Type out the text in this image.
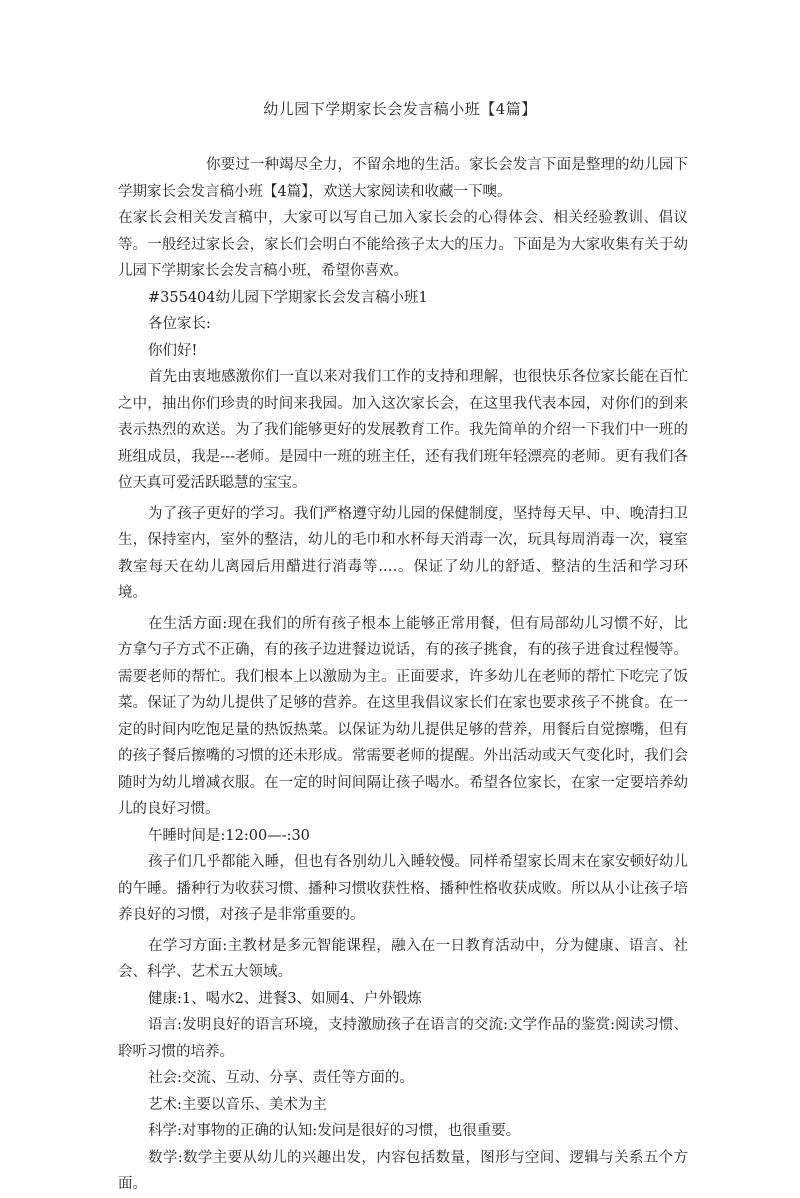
幼儿园下学期家长会发言稿小班【4篇】

你要过一种竭尽全力，不留余地的生活。家长会发言下面是整理的幼儿园下学期家长会发言稿小班【4篇】，欢送大家阅读和收藏一下噢。

在家长会相关发言稿中，大家可以写自己加入家长会的心得体会、相关经验教训、倡议等。一般经过家长会，家长们会明白不能给孩子太大的压力。下面是为大家收集有关于幼儿园下学期家长会发言稿小班，希望你喜欢。

#355404幼儿园下学期家长会发言稿小班1

各位家长:

你们好!

首先由衷地感激你们一直以来对我们工作的支持和理解，也很快乐各位家长能在百忙之中，抽出你们珍贵的时间来我园。加入这次家长会，在这里我代表本园，对你们的到来表示热烈的欢送。为了我们能够更好的发展教育工作。我先简单的介绍一下我们中一班的班组成员，我是---老师。是园中一班的班主任，还有我们班年轻漂亮的老师。更有我们各位天真可爱活跃聪慧的宝宝。

为了孩子更好的学习。我们严格遵守幼儿园的保健制度，坚持每天早、中、晚清扫卫生，保持室内，室外的整洁，幼儿的毛巾和水杯每天消毒一次，玩具每周消毒一次，寝室教室每天在幼儿离园后用醋进行消毒等….。保证了幼儿的舒适、整洁的生活和学习环境。

在生活方面:现在我们的所有孩子根本上能够正常用餐，但有局部幼儿习惯不好，比方拿勺子方式不正确，有的孩子边进餐边说话，有的孩子挑食，有的孩子进食过程慢等。需要老师的帮忙。我们根本上以激励为主。正面要求，许多幼儿在老师的帮忙下吃完了饭菜。保证了为幼儿提供了足够的营养。在这里我倡议家长们在家也要求孩子不挑食。在一定的时间内吃饱足量的热饭热菜。以保证为幼儿提供足够的营养，用餐后自觉擦嘴，但有的孩子餐后擦嘴的习惯的还未形成。常需要老师的提醒。外出活动或天气变化时，我们会随时为幼儿增减衣服。在一定的时间间隔让孩子喝水。希望各位家长，在家一定要培养幼儿的良好习惯。

午睡时间是:12:00—-:30

孩子们几乎都能入睡，但也有各别幼儿入睡较慢。同样希望家长周末在家安顿好幼儿的午睡。播种行为收获习惯、播种习惯收获性格、播种性格收获成败。所以从小让孩子培养良好的习惯，对孩子是非常重要的。

在学习方面:主教材是多元智能课程，融入在一日教育活动中，分为健康、语言、社会、科学、艺术五大领域。

健康:1、喝水2、进餐3、如厕4、户外锻炼

语言:发明良好的语言环境，支持激励孩子在语言的交流:文学作品的鉴赏:阅读习惯、聆听习惯的培养。

社会:交流、互动、分享、责任等方面的。

艺术:主要以音乐、美术为主

科学:对事物的正确的认知:发问是很好的习惯，也很重要。

数学:数学主要从幼儿的兴趣出发，内容包括数量，图形与空间、逻辑与关系五个方面。
